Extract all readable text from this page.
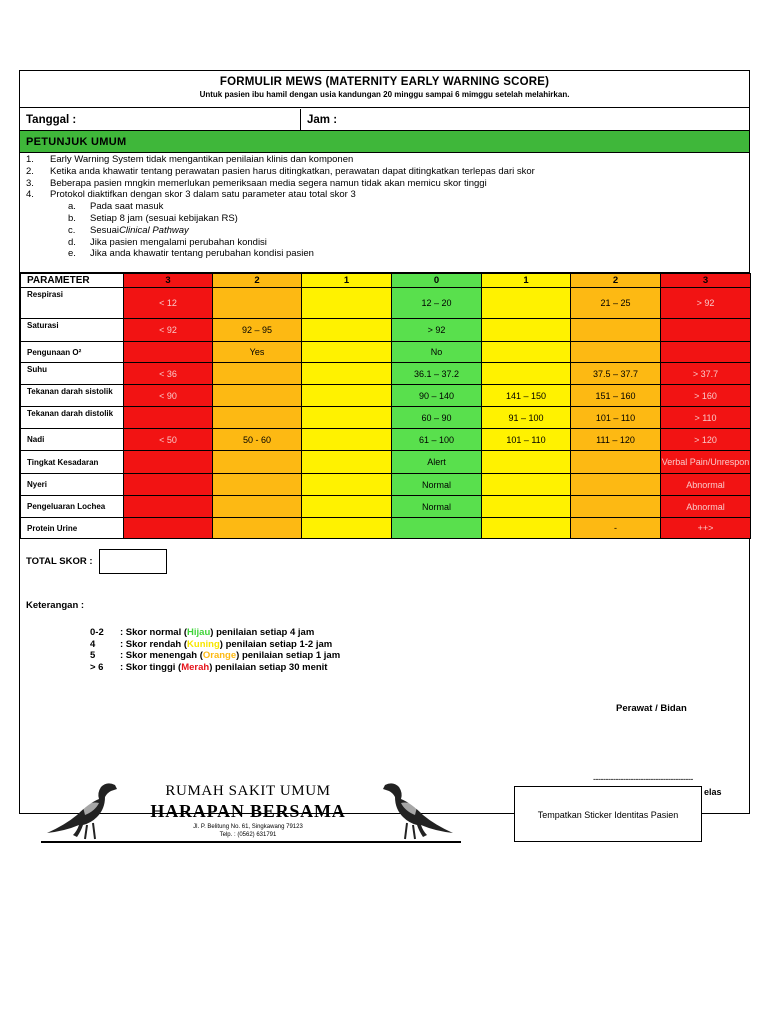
FORMULIR MEWS (MATERNITY EARLY WARNING SCORE)
Untuk pasien ibu hamil dengan usia kandungan 20 minggu sampai 6 mimggu setelah melahirkan.
Tanggal :	Jam :
PETUNJUK UMUM
1.	Early Warning System tidak mengantikan penilaian klinis dan komponen
2.	Ketika anda khawatir tentang perawatan pasien harus ditingkatkan, perawatan dapat ditingkatkan terlepas dari skor
3.	Beberapa pasien mngkin memerlukan pemeriksaan media segera namun tidak akan memicu skor tinggi
4.	Protokol diaktifkan dengan skor 3 dalam satu parameter atau total skor 3
a.	Pada saat masuk
b.	Setiap 8 jam (sesuai kebijakan RS)
c.	Sesuai Clinical Pathway
d.	Jika pasien mengalami perubahan kondisi
e.	Jika anda khawatir tentang perubahan kondisi pasien
PARAMETER	3	2	1	0	1	2	3
Respirasi	< 12			12 – 20		21 – 25	> 92
Saturasi	< 92	92 – 95		> 92			
Pengunaan O²		Yes		No			
Suhu	< 36			36.1 – 37.2		37.5 – 37.7	> 37.7
Tekanan darah sistolik	< 90			90 – 140	141 – 150	151 – 160	> 160
Tekanan darah distolik				60 – 90	91 – 100	101 – 110	> 110
Nadi	< 50	50 - 60		61 – 100	101 – 110	111 – 120	> 120
Tingkat Kesadaran				Alert			Verbal Pain/Unrespon
Nyeri				Normal			Abnormal
Pengeluaran Lochea				Normal			Abnormal
Protein Urine						-	++>
TOTAL SKOR :
Keterangan :
0-2	: Skor normal ( Hijau ) penilaian setiap 4 jam
4	: Skor rendah ( Kuning ) penilaian setiap 1-2 jam
5	: Skor menengah ( Orange ) penilaian setiap 1 jam
> 6	: Skor tinggi ( Merah ) penilaian setiap 30 menit
Perawat / Bidan
----------------------------------------
elas
RUMAH SAKIT UMUM
HARAPAN BERSAMA
Jl. P. Belitung No. 61, Singkawang 79123
Telp. : (0562) 631791
Tempatkan Sticker Identitas Pasien
